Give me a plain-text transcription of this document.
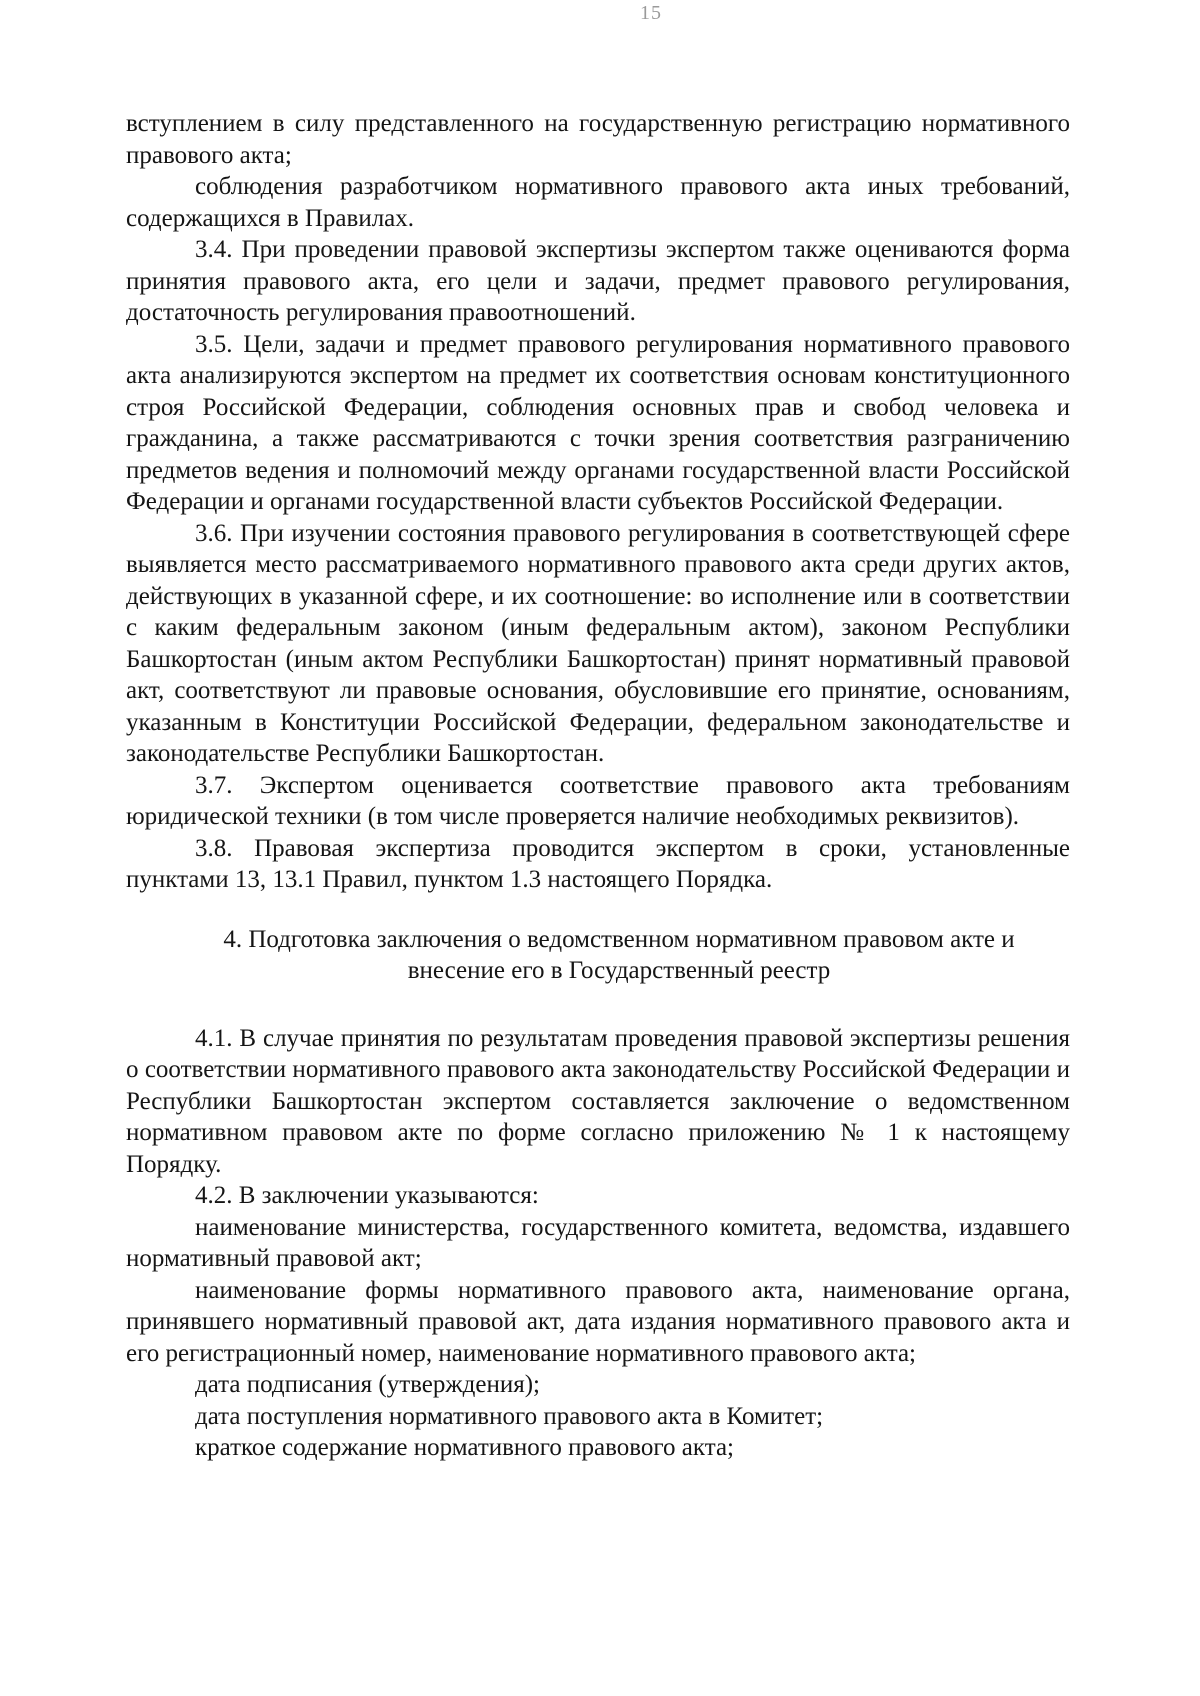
15

вступлением в силу представленного на государственную регистрацию нормативного правового акта;

соблюдения разработчиком нормативного правового акта иных требований, содержащихся в Правилах.

3.4. При проведении правовой экспертизы экспертом также оцениваются форма принятия правового акта, его цели и задачи, предмет правового регулирования, достаточность регулирования правоотношений.

3.5. Цели, задачи и предмет правового регулирования нормативного правового акта анализируются экспертом на предмет их соответствия основам конституционного строя Российской Федерации, соблюдения основных прав и свобод человека и гражданина, а также рассматриваются с точки зрения соответствия разграничению предметов ведения и полномочий между органами государственной власти Российской Федерации и органами государственной власти субъектов Российской Федерации.

3.6. При изучении состояния правового регулирования в соответствующей сфере выявляется место рассматриваемого нормативного правового акта среди других актов, действующих в указанной сфере, и их соотношение: во исполнение или в соответствии с каким федеральным законом (иным федеральным актом), законом Республики Башкортостан (иным актом Республики Башкортостан) принят нормативный правовой акт, соответствуют ли правовые основания, обусловившие его принятие, основаниям, указанным в Конституции Российской Федерации, федеральном законодательстве и законодательстве Республики Башкортостан.

3.7. Экспертом оценивается соответствие правового акта требованиям юридической техники (в том числе проверяется наличие необходимых реквизитов).

3.8. Правовая экспертиза проводится экспертом в сроки, установленные пунктами 13, 13.1 Правил, пунктом 1.3 настоящего Порядка.

4. Подготовка заключения о ведомственном нормативном правовом акте и внесение его в Государственный реестр

4.1. В случае принятия по результатам проведения правовой экспертизы решения о соответствии нормативного правового акта законодательству Российской Федерации и Республики Башкортостан экспертом составляется заключение о ведомственном нормативном правовом акте по форме согласно приложению № 1 к настоящему Порядку.

4.2. В заключении указываются:

наименование министерства, государственного комитета, ведомства, издавшего нормативный правовой акт;

наименование формы нормативного правового акта, наименование органа, принявшего нормативный правовой акт, дата издания нормативного правового акта и его регистрационный номер, наименование нормативного правового акта;

дата подписания (утверждения);

дата поступления нормативного правового акта в Комитет;

краткое содержание нормативного правового акта;
